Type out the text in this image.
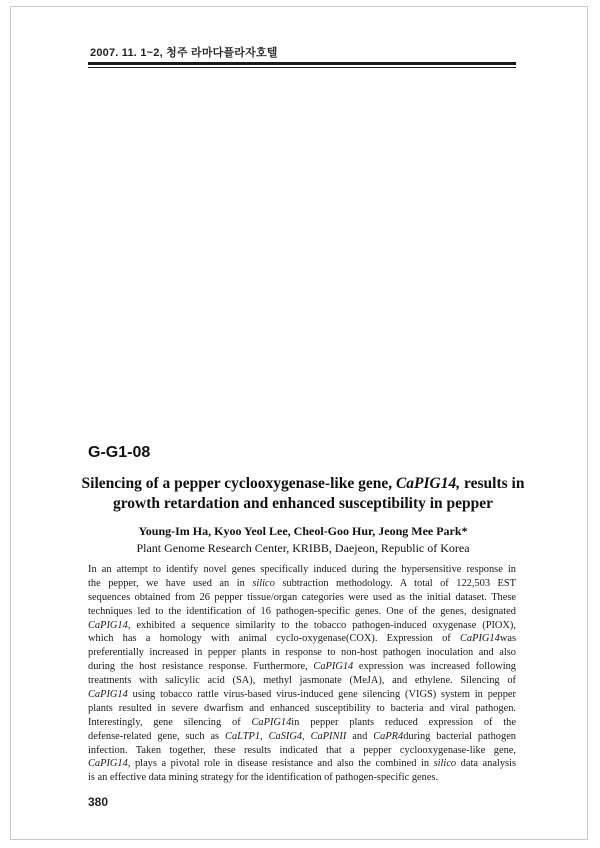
2007. 11. 1~2, 청주 라마다플라자호텔
G-G1-08
Silencing of a pepper cyclooxygenase-like gene, CaPIG14, results in
growth retardation and enhanced susceptibility in pepper
Young-Im Ha, Kyoo Yeol Lee, Cheol-Goo Hur, Jeong Mee Park*
Plant Genome Research Center, KRIBB, Daejeon, Republic of Korea
In an attempt to identify novel genes specifically induced during the hypersensitive response in
the pepper, we have used an in silico subtraction methodology. A total of 122,503 EST
sequences obtained from 26 pepper tissue/organ categories were used as the initial dataset. These
techniques led to the identification of 16 pathogen-specific genes. One of the genes, designated
CaPIG14, exhibited a sequence similarity to the tobacco pathogen-induced oxygenase (PIOX),
which has a homology with animal cyclo-oxygenase(COX). Expression of CaPIG14was
preferentially increased in pepper plants in response to non-host pathogen inoculation and also
during the host resistance response. Furthermore, CaPIG14 expression was increased following
treatments with salicylic acid (SA), methyl jasmonate (MeJA), and ethylene. Silencing of
CaPIG14 using tobacco rattle virus-based virus-induced gene silencing (VIGS) system in pepper
plants resulted in severe dwarfism and enhanced susceptibility to bacteria and viral pathogen.
Interestingly, gene silencing of CaPIG14in pepper plants reduced expression of the
defense-related gene, such as CaLTP1, CaSIG4, CaPINII and CaPR4during bacterial pathogen
infection. Taken together, these results indicated that a pepper cyclooxygenase-like gene,
CaPIG14, plays a pivotal role in disease resistance and also the combined in silico data analysis
is an effective data mining strategy for the identification of pathogen-specific genes.
380
